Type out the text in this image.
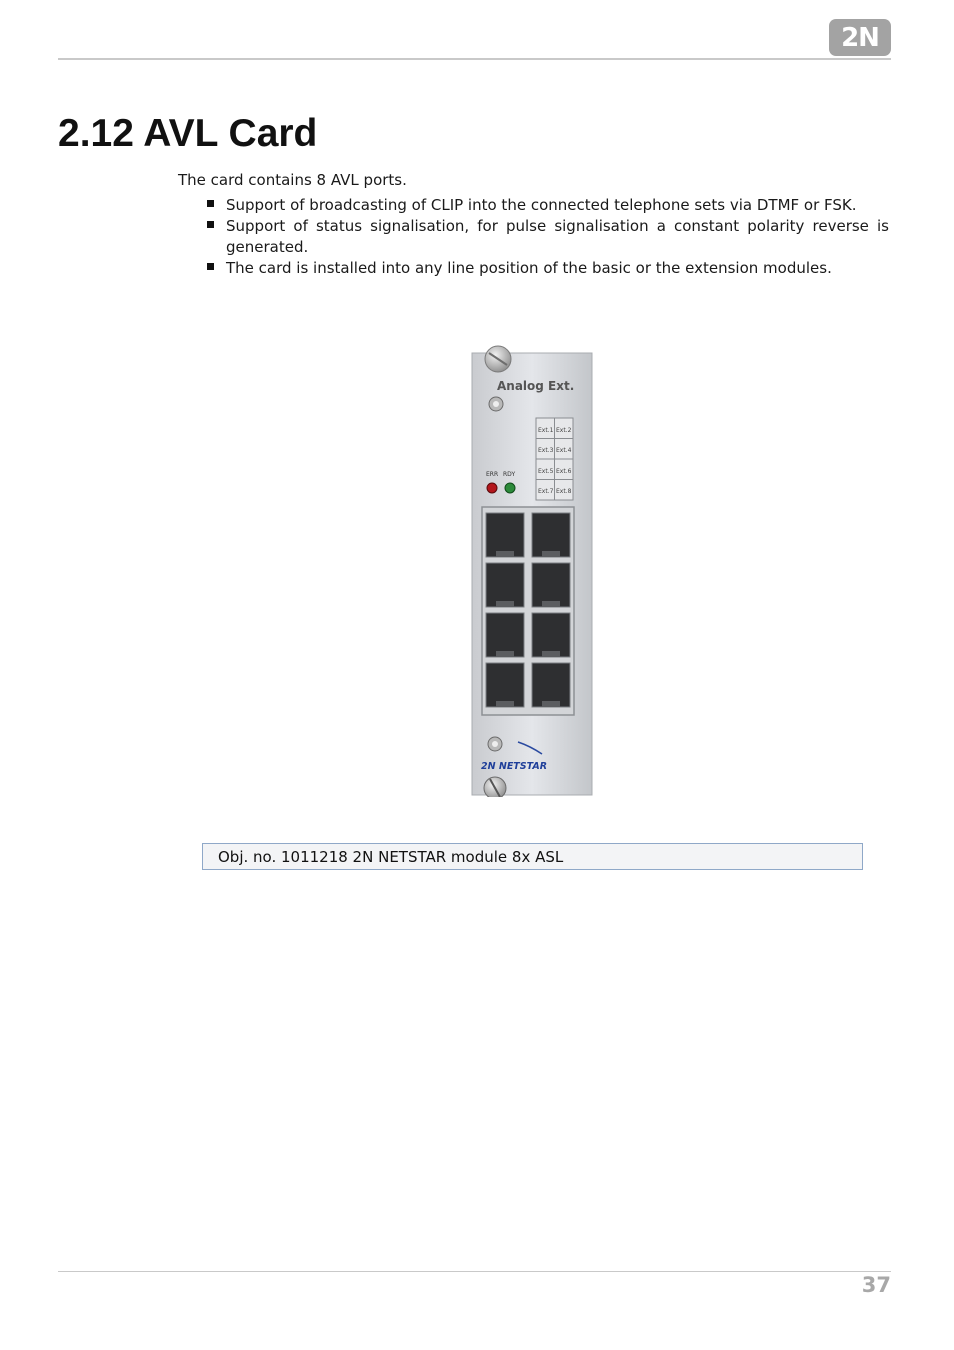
2N
2.12 AVL Card
The card contains 8 AVL ports.
Support of broadcasting of CLIP into the connected telephone sets via DTMF or FSK.
Support of status signalisation, for pulse signalisation a constant polarity reverse is generated.
The card is installed into any line position of the basic or the extension modules.
Analog Ext.
Ext.1 Ext.2
Ext.3 Ext.4
Ext.5 Ext.6
Ext.7 Ext.8
ERR RDY
2N NETSTAR
Obj. no. 1011218 2N NETSTAR module 8x ASL
37
